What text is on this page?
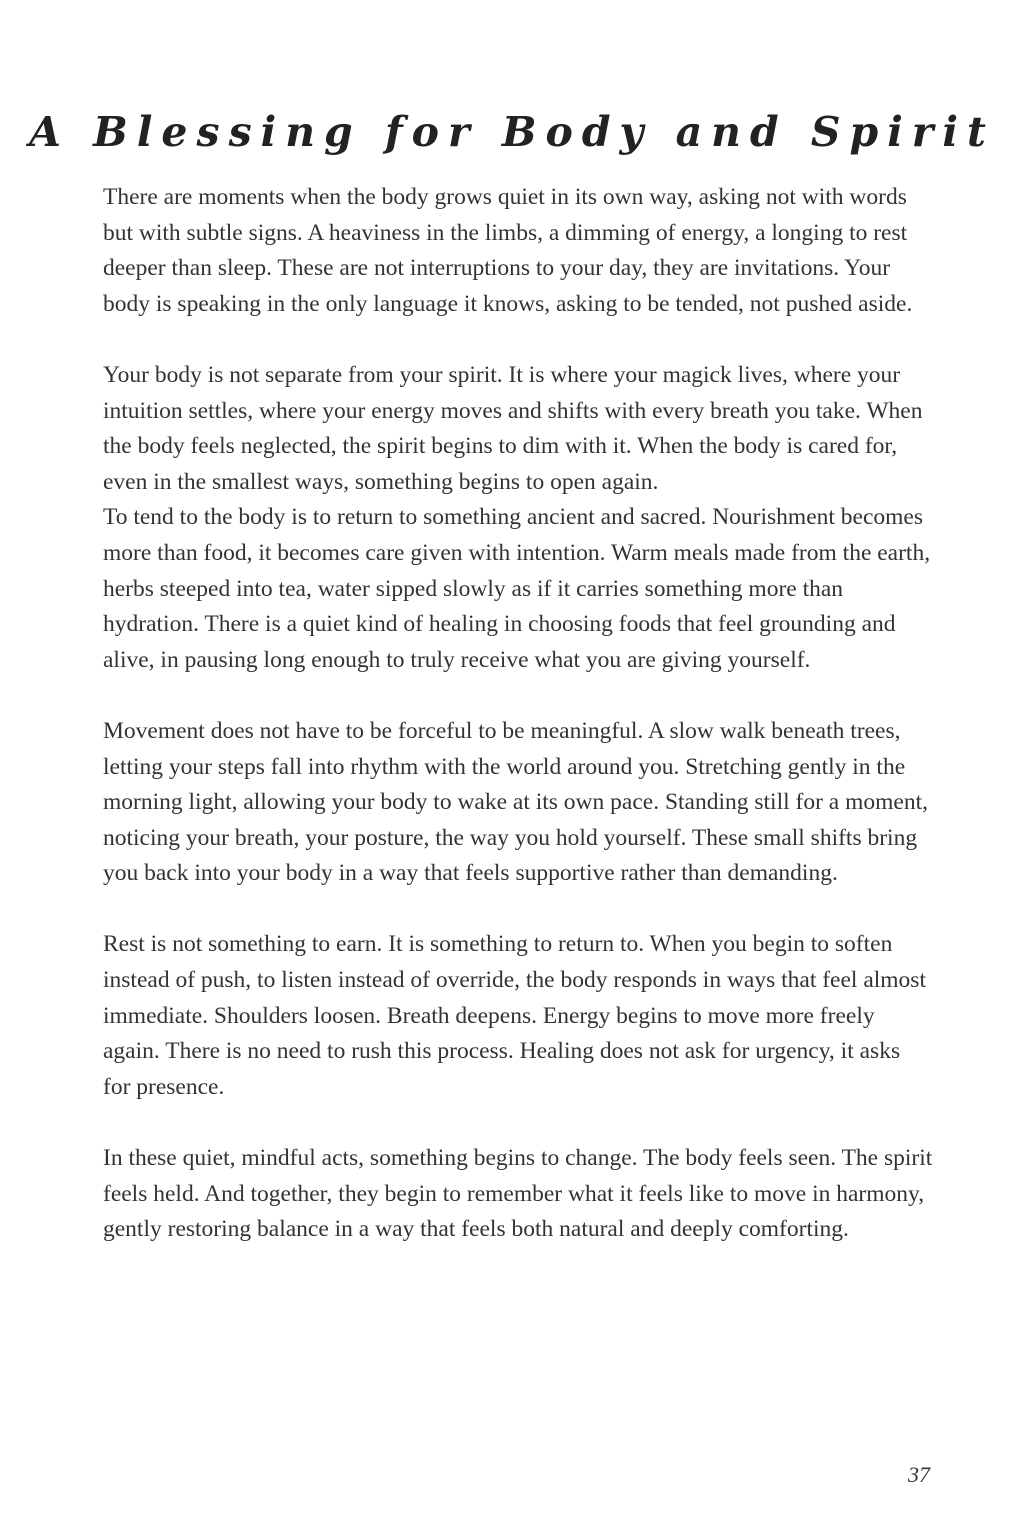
A Blessing for Body and Spirit

There are moments when the body grows quiet in its own way, asking not with words but with subtle signs. A heaviness in the limbs, a dimming of energy, a longing to rest deeper than sleep. These are not interruptions to your day, they are invitations. Your body is speaking in the only language it knows, asking to be tended, not pushed aside.

Your body is not separate from your spirit. It is where your magick lives, where your intuition settles, where your energy moves and shifts with every breath you take. When the body feels neglected, the spirit begins to dim with it. When the body is cared for, even in the smallest ways, something begins to open again.

To tend to the body is to return to something ancient and sacred. Nourishment becomes more than food, it becomes care given with intention. Warm meals made from the earth, herbs steeped into tea, water sipped slowly as if it carries something more than hydration. There is a quiet kind of healing in choosing foods that feel grounding and alive, in pausing long enough to truly receive what you are giving yourself.

Movement does not have to be forceful to be meaningful. A slow walk beneath trees, letting your steps fall into rhythm with the world around you. Stretching gently in the morning light, allowing your body to wake at its own pace. Standing still for a moment, noticing your breath, your posture, the way you hold yourself. These small shifts bring you back into your body in a way that feels supportive rather than demanding.

Rest is not something to earn. It is something to return to. When you begin to soften instead of push, to listen instead of override, the body responds in ways that feel almost immediate. Shoulders loosen. Breath deepens. Energy begins to move more freely again. There is no need to rush this process. Healing does not ask for urgency, it asks for presence.

In these quiet, mindful acts, something begins to change. The body feels seen. The spirit feels held. And together, they begin to remember what it feels like to move in harmony, gently restoring balance in a way that feels both natural and deeply comforting.

37
